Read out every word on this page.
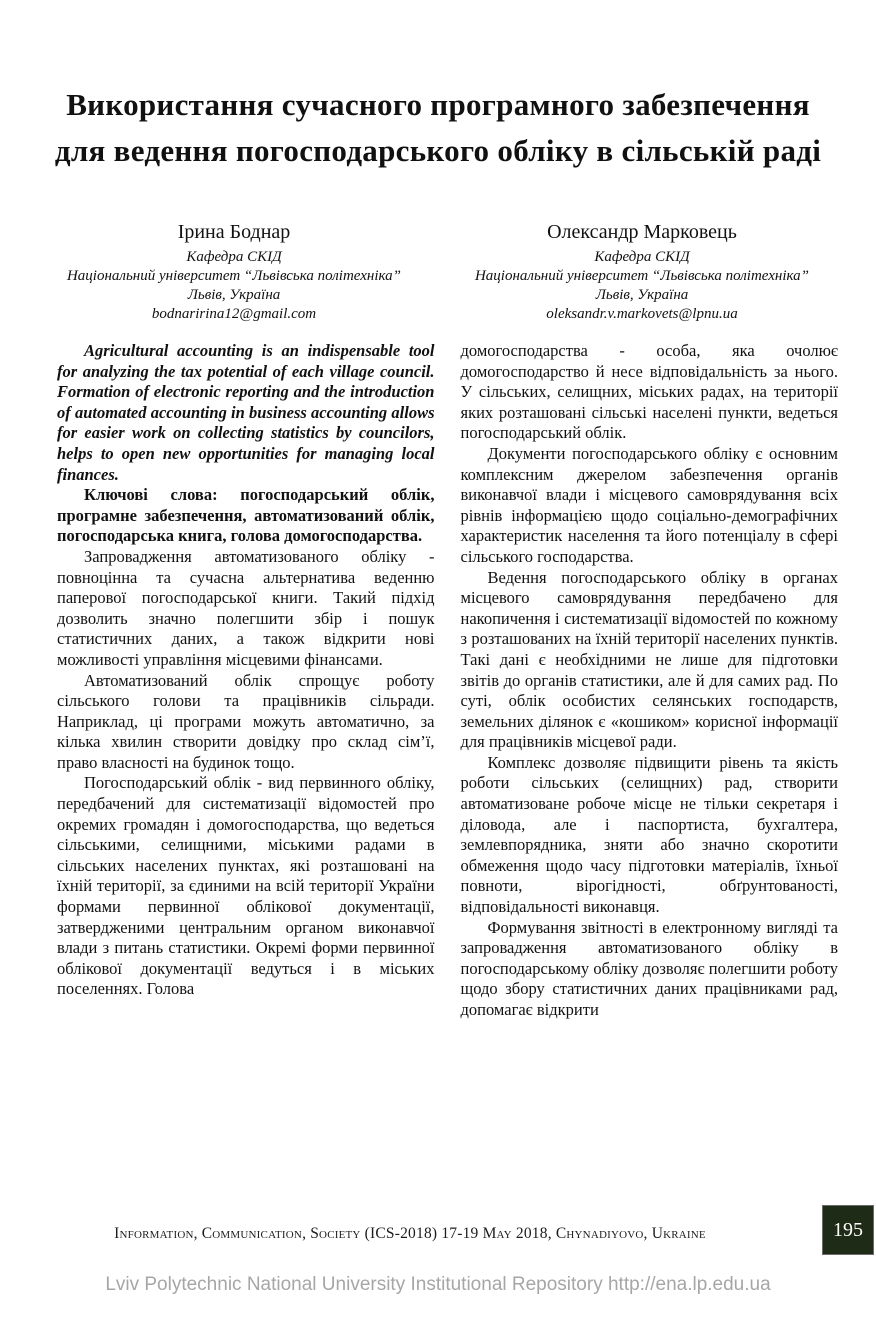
Використання сучасного програмного забезпечення для ведення погосподарського обліку в сільській раді
Ірина Боднар
Кафедра СКІД
Національний університет “Львівська політехніка”
Львів, Україна
bodnaririna12@gmail.com
Олександр Марковець
Кафедра СКІД
Національний університет “Львівська політехніка”
Львів, Україна
oleksandr.v.markovets@lpnu.ua

Agricultural accounting is an indispensable tool for analyzing the tax potential of each village council. Formation of electronic reporting and the introduction of automated accounting in business accounting allows for easier work on collecting statistics by councilors, helps to open new opportunities for managing local finances.

Ключові слова: погосподарський облік, програмне забезпечення, автоматизований облік, погосподарська книга, голова домогосподарства.

Запровадження автоматизованого обліку - повноцінна та сучасна альтернатива веденню паперової погосподарської книги. Такий підхід дозволить значно полегшити збір і пошук статистичних даних, а також відкрити нові можливості управління місцевими фінансами.

Автоматизований облік спрощує роботу сільського голови та працівників сільради. Наприклад, ці програми можуть автоматично, за кілька хвилин створити довідку про склад сім’ї, право власності на будинок тощо.

Погосподарський облік - вид первинного обліку, передбачений для систематизації відомостей про окремих громадян і домогосподарства, що ведеться сільськими, селищними, міськими радами в сільських населених пунктах, які розташовані на їхній території, за єдиними на всій території України формами первинної облікової документації, затвердженими центральним органом виконавчої влади з питань статистики. Окремі форми первинної облікової документації ведуться і в міських поселеннях. Голова

домогосподарства - особа, яка очолює домогосподарство й несе відповідальність за нього. У сільських, селищних, міських радах, на території яких розташовані сільські населені пункти, ведеться погосподарський облік.

Документи погосподарського обліку є основним комплексним джерелом забезпечення органів виконавчої влади і місцевого самоврядування всіх рівнів інформацією щодо соціально-демографічних характеристик населення та його потенціалу в сфері сільського господарства.

Ведення погосподарського обліку в органах місцевого самоврядування передбачено для накопичення і систематизації відомостей по кожному з розташованих на їхній території населених пунктів. Такі дані є необхідними не лише для підготовки звітів до органів статистики, але й для самих рад. По суті, облік особистих селянських господарств, земельних ділянок є «кошиком» корисної інформації для працівників місцевої ради.

Комплекс дозволяє підвищити рівень та якість роботи сільських (селищних) рад, створити автоматизоване робоче місце не тільки секретаря і діловода, але і паспортиста, бухгалтера, землевпорядника, зняти або значно скоротити обмеження щодо часу підготовки матеріалів, їхньої повноти, вірогідності, обґрунтованості, відповідальності виконавця.

Формування звітності в електронному вигляді та запровадження автоматизованого обліку в погосподарському обліку дозволяє полегшити роботу щодо збору статистичних даних працівниками рад, допомагає відкрити

Information, Communication, Society (ICS-2018) 17-19 May 2018, Chynadiyovo, Ukraine	195
Lviv Polytechnic National University Institutional Repository http://ena.lp.edu.ua
